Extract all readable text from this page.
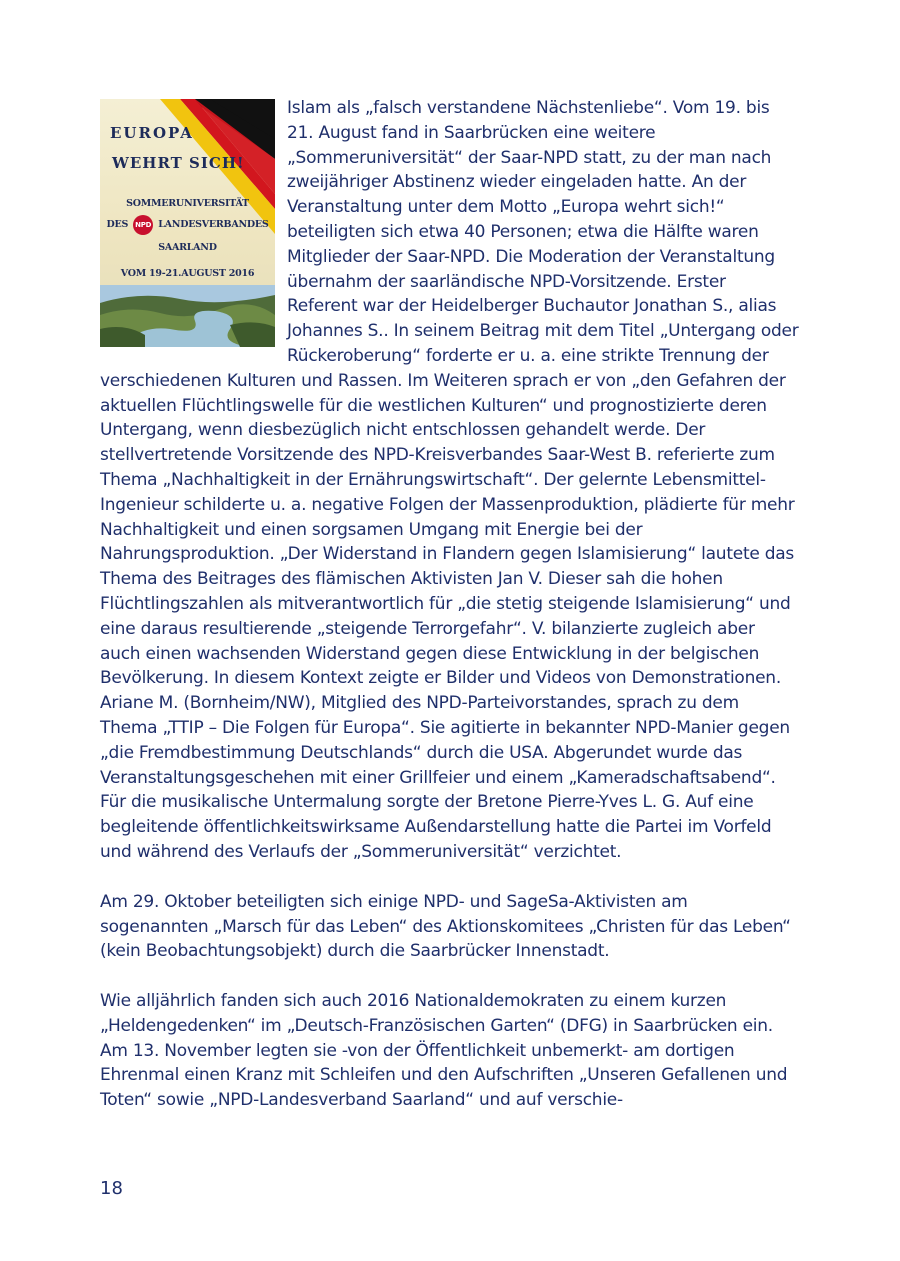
EUROPA
WEHRT SICH!
SOMMERUNIVERSITÄT
DES NPD LANDESVERBANDES
SAARLAND
VOM 19-21.AUGUST 2016

Islam als „falsch verstandene Nächstenliebe“. Vom 19. bis 21. August fand in Saarbrücken eine weitere „Sommeruniversität“ der Saar-NPD statt, zu der man nach zweijähriger Abstinenz wieder eingeladen hatte. An der Veranstaltung unter dem Motto „Europa wehrt sich!“ beteiligten sich etwa 40 Personen; etwa die Hälfte waren Mitglieder der Saar-NPD. Die Moderation der Veranstaltung übernahm der saarländische NPD-Vorsitzende. Erster Referent war der Heidelberger Buchautor Jonathan S., alias Johannes S.. In seinem Beitrag mit dem Titel „Untergang oder Rückeroberung“ forderte er u. a. eine strikte Trennung der verschiedenen Kulturen und Rassen. Im Weiteren sprach er von „den Gefahren der aktuellen Flüchtlingswelle für die westlichen Kulturen“ und prognostizierte deren Untergang, wenn diesbezüglich nicht entschlossen gehandelt werde. Der stellvertretende Vorsitzende des NPD-Kreisverbandes Saar-West B. referierte zum Thema „Nachhaltigkeit in der Ernährungswirtschaft“. Der gelernte Lebensmittel-Ingenieur schilderte u. a. negative Folgen der Massenproduktion, plädierte für mehr Nachhaltigkeit und einen sorgsamen Umgang mit Energie bei der Nahrungsproduktion. „Der Widerstand in Flandern gegen Islamisierung“ lautete das Thema des Beitrages des flämischen Aktivisten Jan V. Dieser sah die hohen Flüchtlingszahlen als mitverantwortlich für „die stetig steigende Islamisierung“ und eine daraus resultierende „steigende Terrorgefahr“. V. bilanzierte zugleich aber auch einen wachsenden Widerstand gegen diese Entwicklung in der belgischen Bevölkerung. In diesem Kontext zeigte er Bilder und Videos von Demonstrationen. Ariane M. (Bornheim/NW), Mitglied des NPD-Parteivorstandes, sprach zu dem Thema „TTIP – Die Folgen für Europa“. Sie agitierte in bekannter NPD-Manier gegen „die Fremdbestimmung Deutschlands“ durch die USA. Abgerundet wurde das Veranstaltungsgeschehen mit einer Grillfeier und einem „Kameradschaftsabend“. Für die musikalische Untermalung sorgte der Bretone Pierre-Yves L. G. Auf eine begleitende öffentlichkeitswirksame Außendarstellung hatte die Partei im Vorfeld und während des Verlaufs der „Sommeruniversität“ verzichtet.

Am 29. Oktober beteiligten sich einige NPD- und SageSa-Aktivisten am sogenannten „Marsch für das Leben“ des Aktionskomitees „Christen für das Leben“ (kein Beobachtungsobjekt) durch die Saarbrücker Innenstadt.

Wie alljährlich fanden sich auch 2016 Nationaldemokraten zu einem kurzen „Heldengedenken“ im „Deutsch-Französischen Garten“ (DFG) in Saarbrücken ein. Am 13. November legten sie -von der Öffentlichkeit unbemerkt- am dortigen Ehrenmal einen Kranz mit Schleifen und den Aufschriften „Unseren Gefallenen und Toten“ sowie „NPD-Landesverband Saarland“ und auf verschie-

18
